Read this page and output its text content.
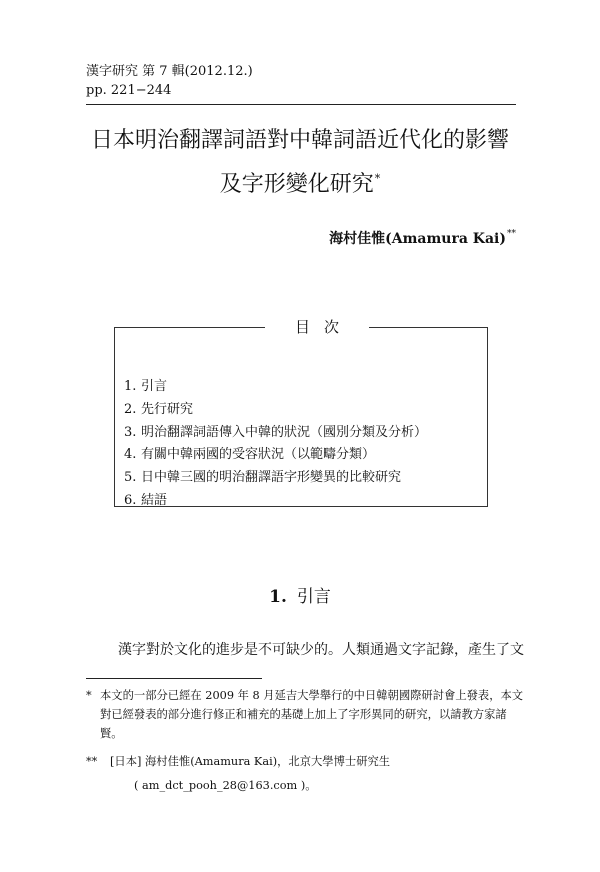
漢字研究 第 7 輯(2012.12.)
pp. 221−244
日本明治翻譯詞語對中韓詞語近代化的影響
及字形變化研究*
海村佳惟(Amamura Kai)**
目次
1. 引言
2. 先行研究
3. 明治翻譯詞語傳入中韓的狀況（國別分類及分析）
4. 有關中韓兩國的受容狀況（以範疇分類）
5. 日中韓三國的明治翻譯語字形變異的比較研究
6. 結語
1. 引言
漢字對於文化的進步是不可缺少的。人類通過文字記錄，產生了文
* 本文的一部分已經在 2009 年 8 月延吉大學舉行的中日韓朝國際研討會上發表，本文對已經發表的部分進行修正和補充的基礎上加上了字形異同的研究，以請教方家諸賢。
** [日本] 海村佳惟(Amamura Kai)，北京大學博士研究生
( am_dct_pooh_28@163.com )。
